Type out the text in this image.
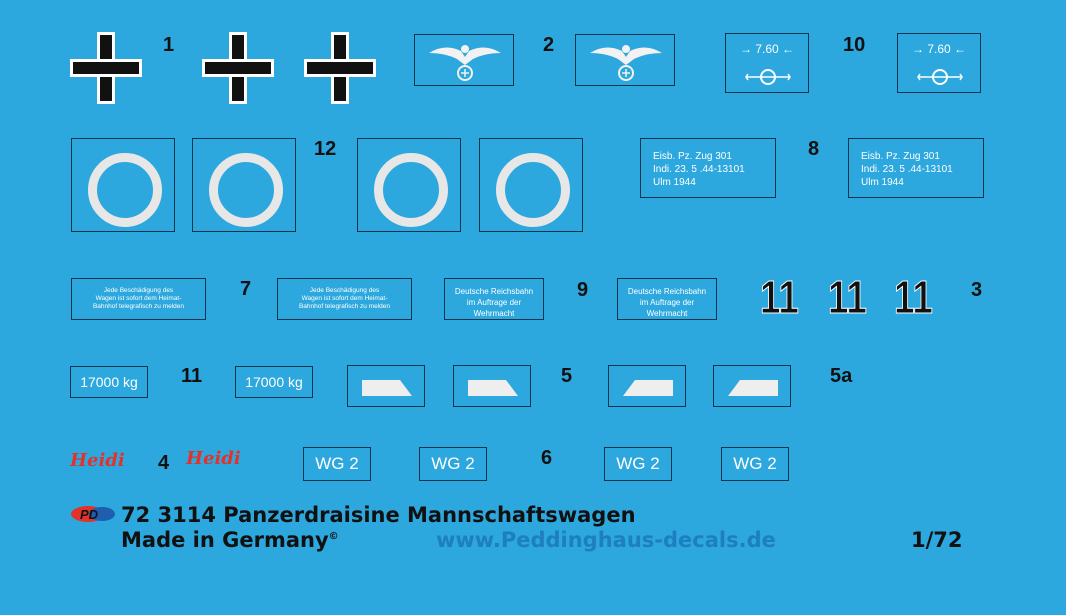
1	2	→ 7.60 ←	10	→ 7.60 ←
12	Eisb. Pz. Zug 301
Indi. 23. 5 .44-13101
Ulm 1944
8	Eisb. Pz. Zug 301
Indi. 23. 5 .44-13101
Ulm 1944
Jede Beschädigung des
Wagen ist sofort dem Heimat-
Bahnhof telegrafisch zu melden
7	Jede Beschädigung des
Wagen ist sofort dem Heimat-
Bahnhof telegrafisch zu melden
Deutsche Reichsbahn
im Auftrage der
Wehrmacht
9	Deutsche Reichsbahn
im Auftrage der
Wehrmacht	11 11 11 3
17000 kg	11	17000 kg	5	5a
Heidi 4 Heidi	WG 2	WG 2	6	WG 2	WG 2
PD 72 3114 Panzerdraisine Mannschaftswagen
Made in Germany©	www.Peddinghaus-decals.de	1/72
